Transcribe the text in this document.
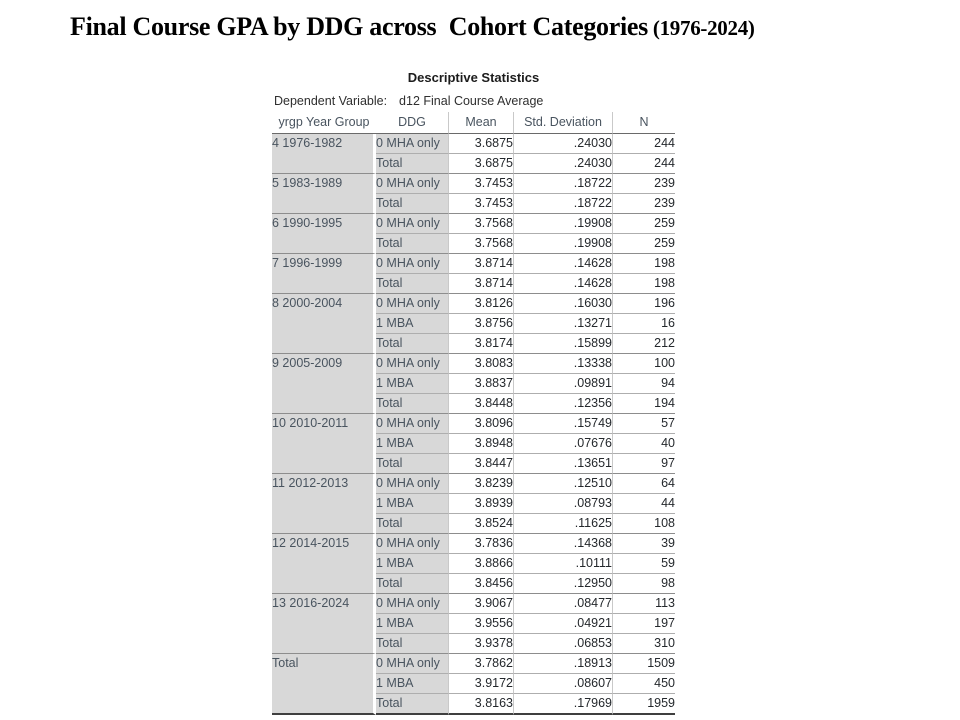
Final Course GPA by DDG across  Cohort Categories (1976-2024)

Descriptive Statistics

Dependent Variable: d12 Final Course Average

yrgp Year Group	DDG	Mean	Std. Deviation	N
4 1976-1982	0 MHA only	3.6875	.24030	244
	Total	3.6875	.24030	244
5 1983-1989	0 MHA only	3.7453	.18722	239
	Total	3.7453	.18722	239
6 1990-1995	0 MHA only	3.7568	.19908	259
	Total	3.7568	.19908	259
7 1996-1999	0 MHA only	3.8714	.14628	198
	Total	3.8714	.14628	198
8 2000-2004	0 MHA only	3.8126	.16030	196
	1 MBA	3.8756	.13271	16
	Total	3.8174	.15899	212
9 2005-2009	0 MHA only	3.8083	.13338	100
	1 MBA	3.8837	.09891	94
	Total	3.8448	.12356	194
10 2010-2011	0 MHA only	3.8096	.15749	57
	1 MBA	3.8948	.07676	40
	Total	3.8447	.13651	97
11 2012-2013	0 MHA only	3.8239	.12510	64
	1 MBA	3.8939	.08793	44
	Total	3.8524	.11625	108
12 2014-2015	0 MHA only	3.7836	.14368	39
	1 MBA	3.8866	.10111	59
	Total	3.8456	.12950	98
13 2016-2024	0 MHA only	3.9067	.08477	113
	1 MBA	3.9556	.04921	197
	Total	3.9378	.06853	310
Total	0 MHA only	3.7862	.18913	1509
	1 MBA	3.9172	.08607	450
	Total	3.8163	.17969	1959
